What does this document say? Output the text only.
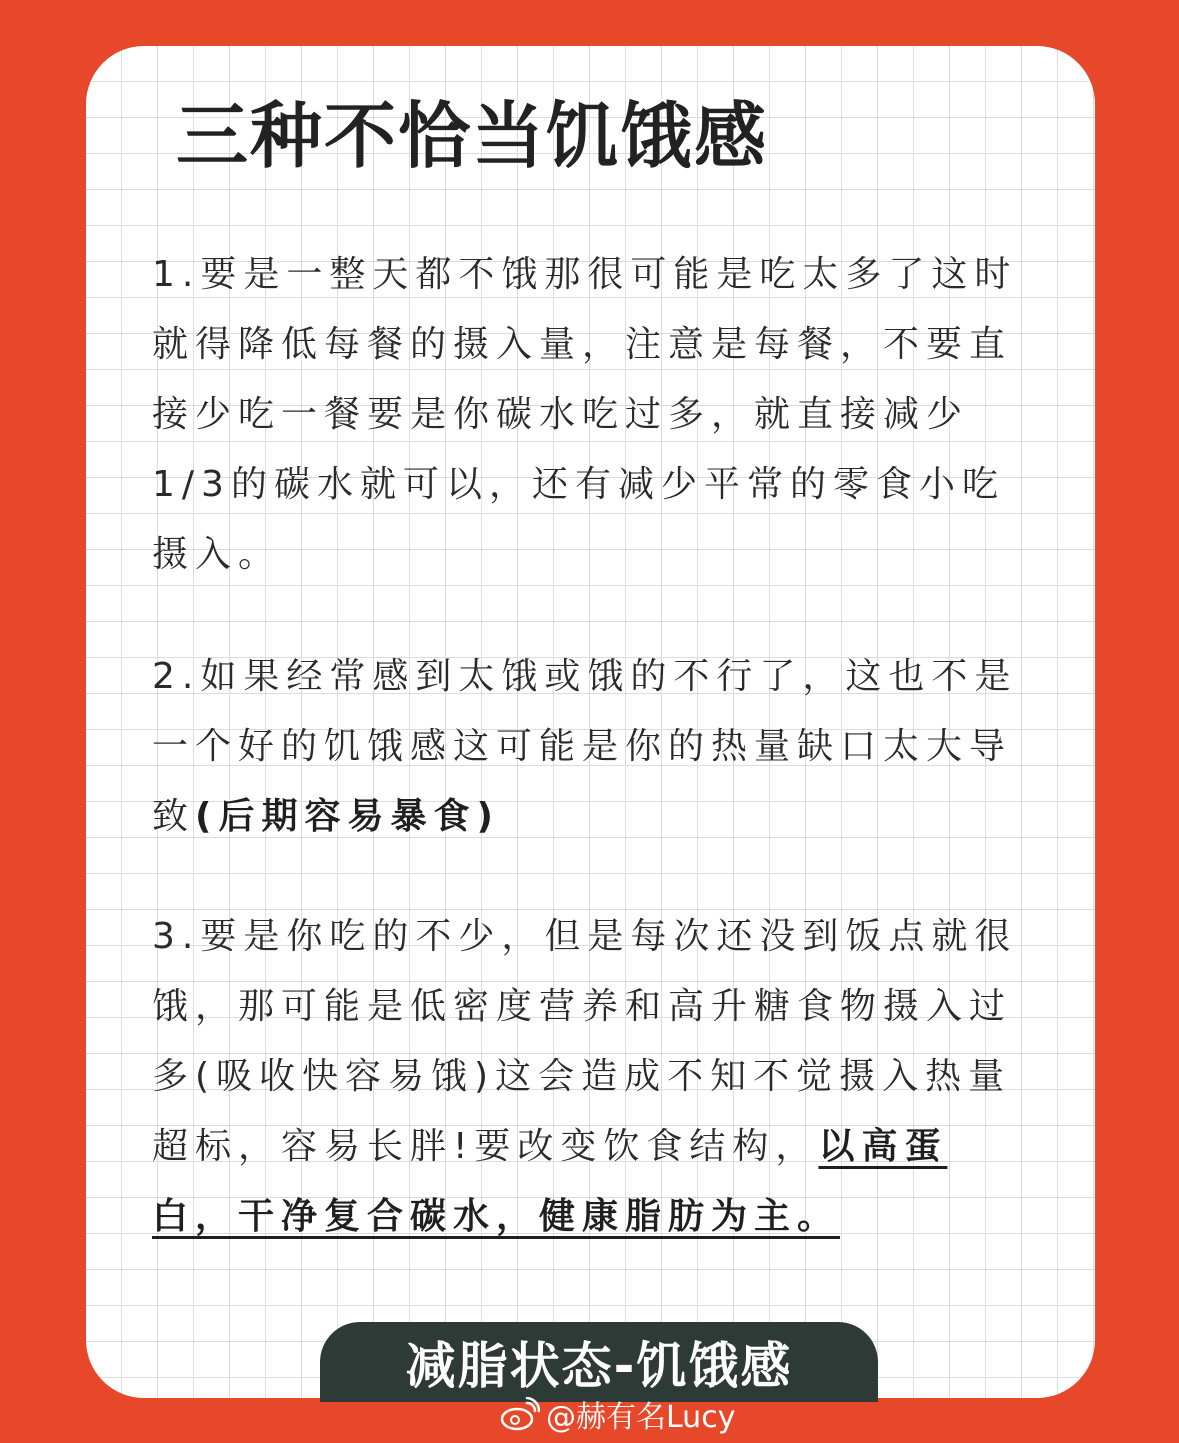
三种不恰当饥饿感

1.要是一整天都不饿那很可能是吃太多了这时就得降低每餐的摄入量，注意是每餐，不要直接少吃一餐要是你碳水吃过多，就直接减少1/3的碳水就可以，还有减少平常的零食小吃摄入。

2.如果经常感到太饿或饿的不行了，这也不是一个好的饥饿感这可能是你的热量缺口太大导致(后期容易暴食)

3.要是你吃的不少，但是每次还没到饭点就很饿，那可能是低密度营养和高升糖食物摄入过多(吸收快容易饿)这会造成不知不觉摄入热量超标，容易长胖!要改变饮食结构，以高蛋白，干净复合碳水，健康脂肪为主。

减脂状态-饥饿感
@赫有名Lucy
